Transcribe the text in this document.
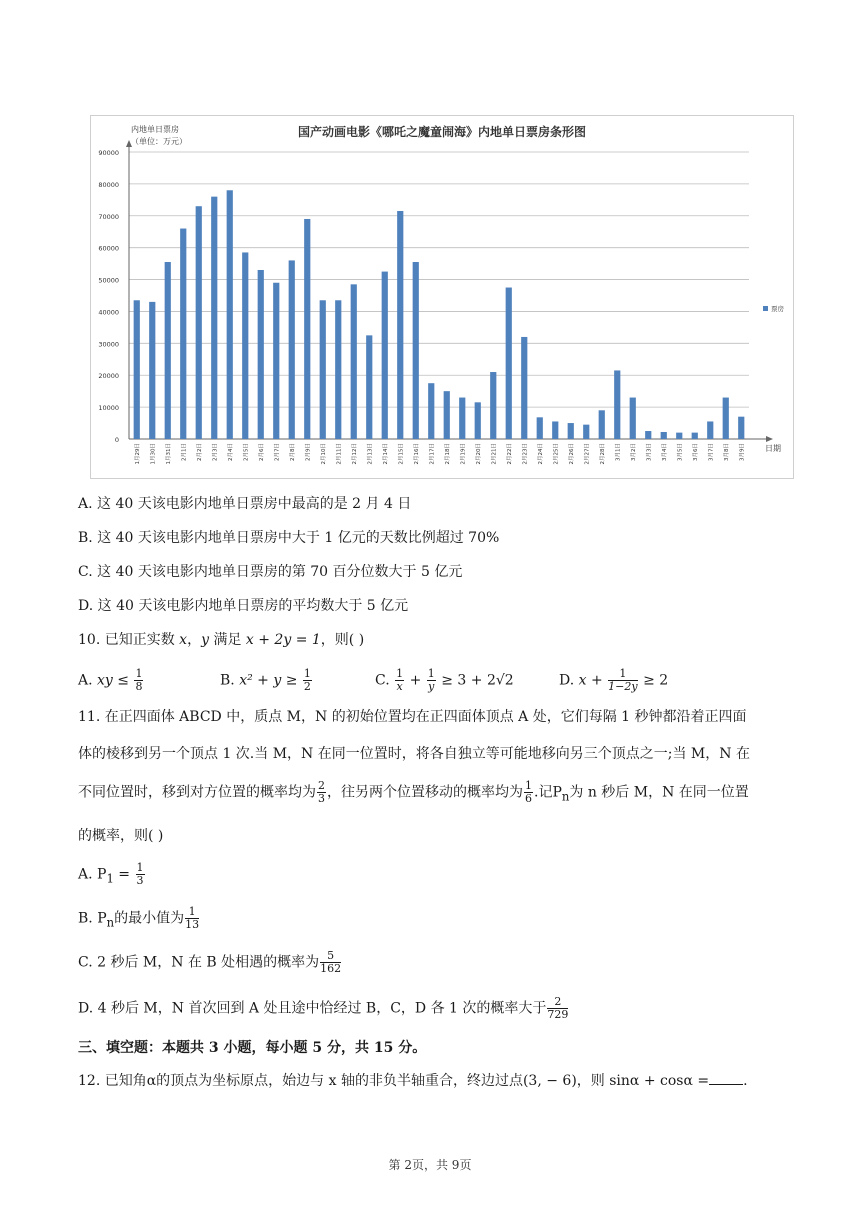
国产动画电影《哪吒之魔童闹海》内地单日票房条形图
内地单日票房
（单位：万元）
0
10000
20000
30000
40000
50000
60000
70000
80000
90000
日期
1月29日	1月30日	1月31日	2月1日	2月2日	2月3日	2月4日	2月5日	2月6日	2月7日	2月8日	2月9日	2月10日	2月11日	2月12日	2月13日	2月14日	2月15日	2月16日	2月17日	2月18日	2月19日	2月20日	2月21日	2月22日	2月23日	2月24日	2月25日	2月26日	2月27日	2月28日	3月1日	3月2日	3月3日	3月4日	3月5日	3月6日	3月7日	3月8日	3月9日
票房
A. 这 40 天该电影内地单日票房中最高的是 2 月 4 日
B. 这 40 天该电影内地单日票房中大于 1 亿元的天数比例超过 70%
C. 这 40 天该电影内地单日票房的第 70 百分位数大于 5 亿元
D. 这 40 天该电影内地单日票房的平均数大于 5 亿元
10. 已知正实数 x，y 满足 x + 2y = 1，则( )
A. xy ≤ $\frac{1}{8}$	B. $x^2 + y \ge \frac{1}{2}$	C. $\frac{1}{x} + \frac{1}{y} \ge 3 + 2√2$	D. $x + \frac{1}{1-2y} \ge 2$
11. 在正四面体 ABCD 中，质点 M，N 的初始位置均在正四面体顶点 A 处，它们每隔 1 秒钟都沿着正四面
体的棱移到另一个顶点 1 次.当 M，N 在同一位置时，将各自独立等可能地移向另三个顶点之一;当 M，N 在
不同位置时，移到对方位置的概率均为 $\frac{2}{3}$ ，往另两个位置移动的概率均为 $\frac{1}{6}$ .记$P_n$为 n 秒后 M，N 在同一位置
的概率，则( )
A. $P_1 = \frac{1}{3}$
B. $P_n$的最小值为 $\frac{1}{13}$
C. 2 秒后 M，N 在 B 处相遇的概率为 $\frac{5}{162}$
D. 4 秒后 M，N 首次回到 A 处且途中恰经过 B，C，D 各 1 次的概率大于 $\frac{2}{729}$
三、填空题：本题共 3 小题，每小题 5 分，共 15 分。
12. 已知角α的顶点为坐标原点，始边与 x 轴的非负半轴重合，终边过点(3, − 6)，则 sinα + cosα = .
第 2页，共 9页
